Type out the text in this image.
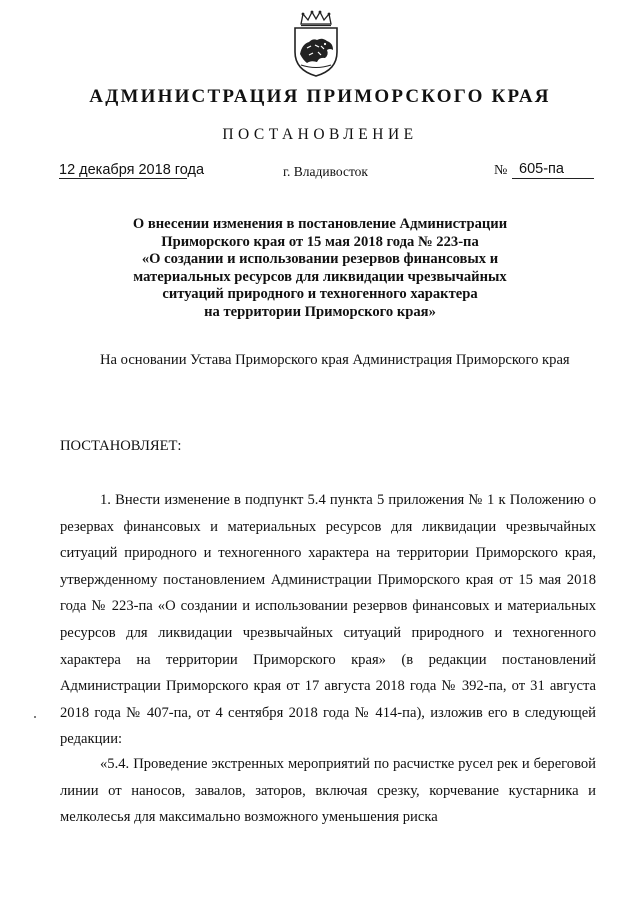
АДМИНИСТРАЦИЯ ПРИМОРСКОГО КРАЯ
ПОСТАНОВЛЕНИЕ
12 декабря 2018 года	г. Владивосток	№ 605-па
О внесении изменения в постановление Администрации
Приморского края от 15 мая 2018 года № 223-па
«О создании и использовании резервов финансовых и
материальных ресурсов для ликвидации чрезвычайных
ситуаций природного и техногенного характера
на территории Приморского края»
На основании Устава Приморского края Администрация Приморского края
ПОСТАНОВЛЯЕТ:
1. Внести изменение в подпункт 5.4 пункта 5 приложения № 1 к Положению о резервах финансовых и материальных ресурсов для ликвидации чрезвычайных ситуаций природного и техногенного характера на территории Приморского края, утвержденному постановлением Администрации Приморского края от 15 мая 2018 года № 223-па «О создании и использовании резервов финансовых и материальных ресурсов для ликвидации чрезвычайных ситуаций природного и техногенного характера на территории Приморского края» (в редакции постановлений Администрации Приморского края от 17 августа 2018 года № 392-па, от 31 августа 2018 года № 407-па, от 4 сентября 2018 года № 414-па), изложив его в следующей редакции:
«5.4. Проведение экстренных мероприятий по расчистке русел рек и береговой линии от наносов, завалов, заторов, включая срезку, корчевание кустарника и мелколесья для максимально возможного уменьшения риска
